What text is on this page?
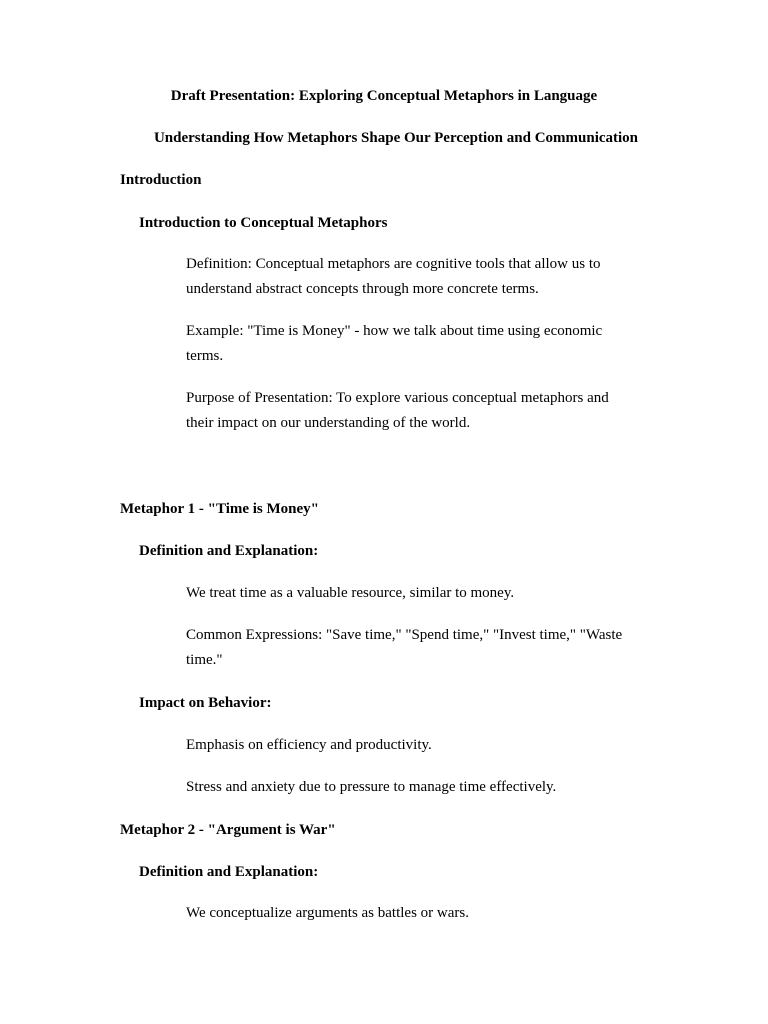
Draft Presentation: Exploring Conceptual Metaphors in Language
Understanding How Metaphors Shape Our Perception and Communication
Introduction
Introduction to Conceptual Metaphors
Definition: Conceptual metaphors are cognitive tools that allow us to understand abstract concepts through more concrete terms.
Example: "Time is Money" - how we talk about time using economic terms.
Purpose of Presentation: To explore various conceptual metaphors and their impact on our understanding of the world.
Metaphor 1 - "Time is Money"
Definition and Explanation:
We treat time as a valuable resource, similar to money.
Common Expressions: "Save time," "Spend time," "Invest time," "Waste time."
Impact on Behavior:
Emphasis on efficiency and productivity.
Stress and anxiety due to pressure to manage time effectively.
Metaphor 2 - "Argument is War"
Definition and Explanation:
We conceptualize arguments as battles or wars.
